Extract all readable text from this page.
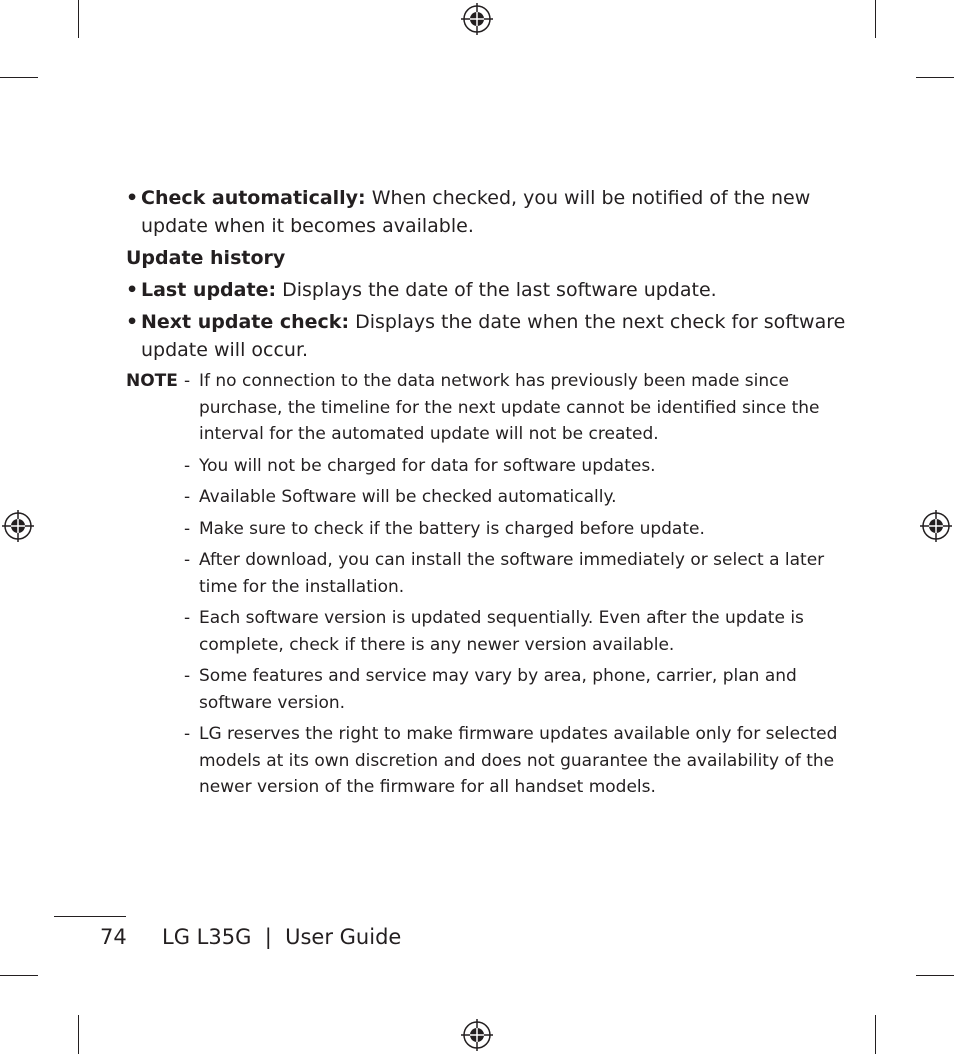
• Check automatically: When checked, you will be notified of the new update when it becomes available.
Update history
• Last update: Displays the date of the last software update.
• Next update check: Displays the date when the next check for software update will occur.
NOTE - If no connection to the data network has previously been made since purchase, the timeline for the next update cannot be identified since the interval for the automated update will not be created.
- You will not be charged for data for software updates.
- Available Software will be checked automatically.
- Make sure to check if the battery is charged before update.
- After download, you can install the software immediately or select a later time for the installation.
- Each software version is updated sequentially. Even after the update is complete, check if there is any newer version available.
- Some features and service may vary by area, phone, carrier, plan and software version.
- LG reserves the right to make firmware updates available only for selected models at its own discretion and does not guarantee the availability of the newer version of the firmware for all handset models.
74 LG L35G  |  User Guide
